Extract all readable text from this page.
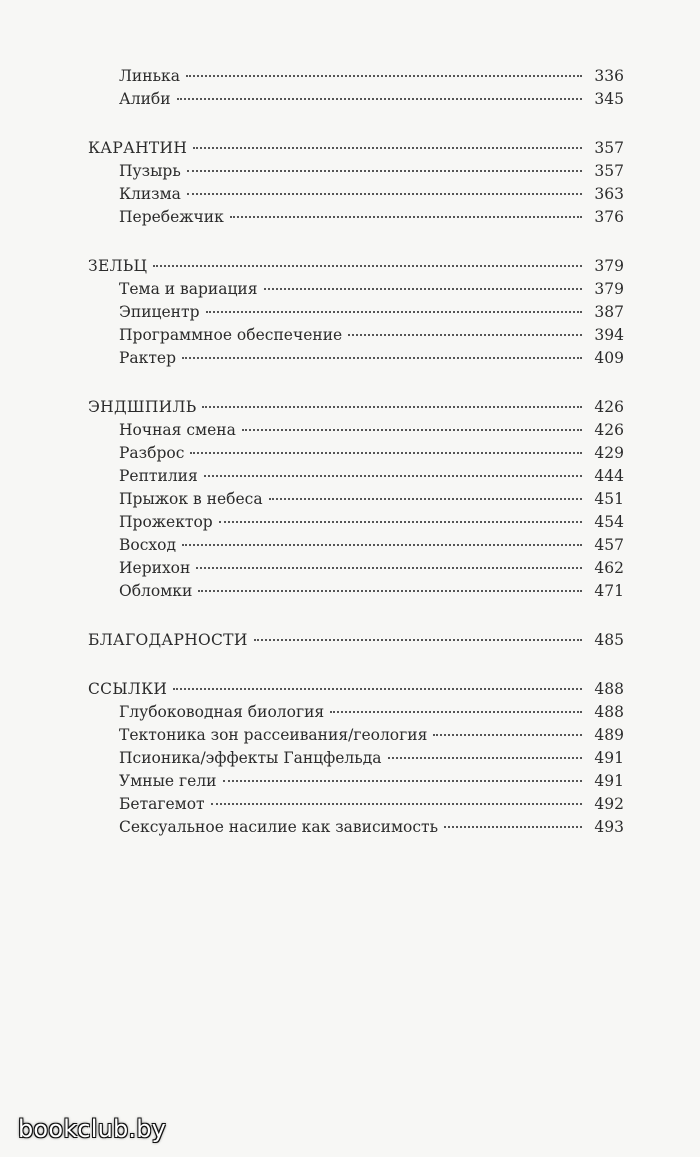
Линька	336
Алиби	345
КАРАНТИН	357
Пузырь	357
Клизма	363
Перебежчик	376
ЗЕЛЬЦ	379
Тема и вариация	379
Эпицентр	387
Программное обеспечение	394
Рактер	409
ЭНДШПИЛЬ	426
Ночная смена	426
Разброс	429
Рептилия	444
Прыжок в небеса	451
Прожектор	454
Восход	457
Иерихон	462
Обломки	471
БЛАГОДАРНОСТИ	485
ССЫЛКИ	488
Глубоководная биология	488
Тектоника зон рассеивания/геология	489
Псионика/эффекты Ганцфельда	491
Умные гели	491
Бетагемот	492
Сексуальное насилие как зависимость	493
bookclub.by
